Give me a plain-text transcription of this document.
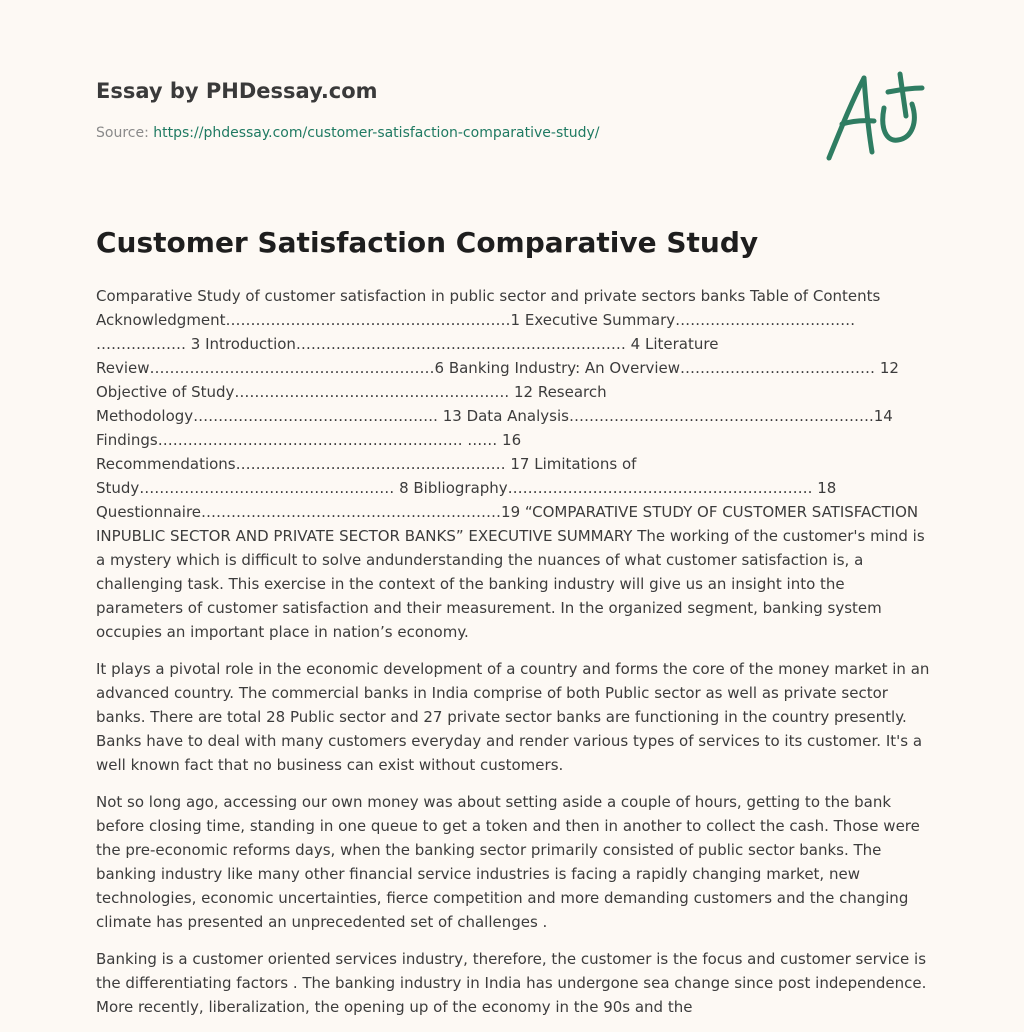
Essay by PHDessay.com
Source: https://phdessay.com/customer-satisfaction-comparative-study/
Customer Satisfaction Comparative Study

Comparative Study of customer satisfaction in public sector and private sectors banks Table of Contents Acknowledgment…………………………………………………1 Executive Summary……………………………… ……………… 3 Introduction………………………………………………………… 4 Literature Review…………………………………………………6 Banking Industry: An Overview………………………………… 12 Objective of Study………………………………………………. 12 Research Methodology…………………………………………. 13 Data Analysis…………………………………………………….14 Findings……………………………………………………. …… 16 Recommendations……………………………………………… 17 Limitations of Study…………………………………………… 8 Bibliography……………………………………………………. 18 Questionnaire……………………………………………………19 “COMPARATIVE STUDY OF CUSTOMER SATISFACTION INPUBLIC SECTOR AND PRIVATE SECTOR BANKS” EXECUTIVE SUMMARY The working of the customer's mind is a mystery which is difficult to solve andunderstanding the nuances of what customer satisfaction is, a challenging task. This exercise in the context of the banking industry will give us an insight into the parameters of customer satisfaction and their measurement. In the organized segment, banking system occupies an important place in nation’s economy.

It plays a pivotal role in the economic development of a country and forms the core of the money market in an advanced country. The commercial banks in India comprise of both Public sector as well as private sector banks. There are total 28 Public sector and 27 private sector banks are functioning in the country presently. Banks have to deal with many customers everyday and render various types of services to its customer. It's a well known fact that no business can exist without customers.

Not so long ago, accessing our own money was about setting aside a couple of hours, getting to the bank before closing time, standing in one queue to get a token and then in another to collect the cash. Those were the pre-economic reforms days, when the banking sector primarily consisted of public sector banks. The banking industry like many other financial service industries is facing a rapidly changing market, new technologies, economic uncertainties, fierce competition and more demanding customers and the changing climate has presented an unprecedented set of challenges .

Banking is a customer oriented services industry, therefore, the customer is the focus and customer service is the differentiating factors . The banking industry in India has undergone sea change since post independence. More recently, liberalization, the opening up of the economy in the 90s and the
